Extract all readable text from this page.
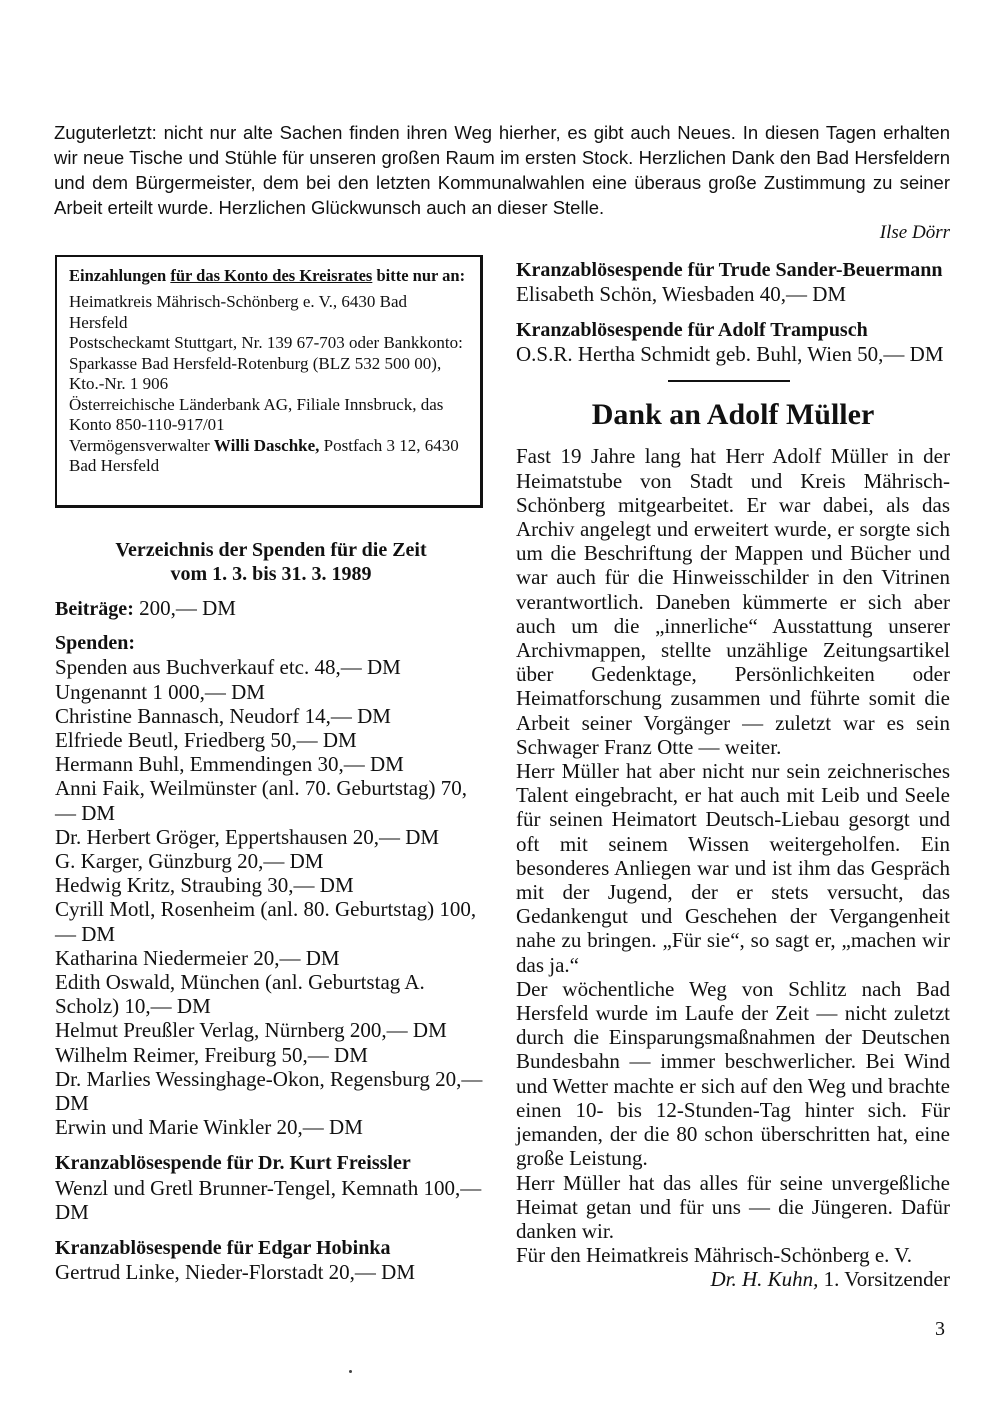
Zuguterletzt: nicht nur alte Sachen finden ihren Weg hierher, es gibt auch Neues. In diesen Tagen erhalten wir neue Tische und Stühle für unseren großen Raum im ersten Stock. Herzlichen Dank den Bad Hersfeldern und dem Bürgermeister, dem bei den letzten Kommunalwahlen eine überaus große Zustimmung zu seiner Arbeit erteilt wurde. Herzlichen Glückwunsch auch an dieser Stelle.

Ilse Dörr
Einzahlungen für das Konto des Kreisrates bitte nur an:

Heimatkreis Mährisch-Schönberg e. V., 6430 Bad Hersfeld

Postscheckamt Stuttgart, Nr. 139 67-703 oder Bankkonto: Sparkasse Bad Hersfeld-Rotenburg (BLZ 532 500 00), Kto.-Nr. 1 906

Österreichische Länderbank AG, Filiale Innsbruck, das Konto 850-110-917/01

Vermögensverwalter Willi Daschke, Postfach 3 12, 6430 Bad Hersfeld

Verzeichnis der Spenden für die Zeit

vom 1. 3. bis 31. 3. 1989

Beiträge: 200,— DM
Spenden:

Spenden aus Buchverkauf etc. 48,— DM

Ungenannt 1 000,— DM

Christine Bannasch, Neudorf 14,— DM

Elfriede Beutl, Friedberg 50,— DM

Hermann Buhl, Emmendingen 30,— DM

Anni Faik, Weilmünster (anl. 70. Geburtstag) 70,— DM

Dr. Herbert Gröger, Eppertshausen 20,— DM

G. Karger, Günzburg 20,— DM

Hedwig Kritz, Straubing 30,— DM

Cyrill Motl, Rosenheim (anl. 80. Geburtstag) 100,— DM

Katharina Niedermeier 20,— DM

Edith Oswald, München (anl. Geburtstag A. Scholz) 10,— DM

Helmut Preußler Verlag, Nürnberg 200,— DM

Wilhelm Reimer, Freiburg 50,— DM

Dr. Marlies Wessinghage-Okon, Regensburg 20,— DM

Erwin und Marie Winkler 20,— DM

Kranzablösespende für Dr. Kurt Freissler

Wenzl und Gretl Brunner-Tengel, Kemnath 100,— DM

Kranzablösespende für Edgar Hobinka

Gertrud Linke, Nieder-Florstadt 20,— DM

Kranzablösespende für Trude Sander-Beuermann

Elisabeth Schön, Wiesbaden 40,— DM

Kranzablösespende für Adolf Trampusch

O.S.R. Hertha Schmidt geb. Buhl, Wien 50,— DM

Dank an Adolf Müller

Fast 19 Jahre lang hat Herr Adolf Müller in der Heimatstube von Stadt und Kreis Mährisch-Schönberg mitgearbeitet. Er war dabei, als das Archiv angelegt und erweitert wurde, er sorgte sich um die Beschriftung der Mappen und Bücher und war auch für die Hinweisschilder in den Vitrinen verantwortlich. Daneben kümmerte er sich aber auch um die „innerliche“ Ausstattung unserer Archivmappen, stellte unzählige Zeitungsartikel über Gedenktage, Persönlichkeiten oder Heimatforschung zusammen und führte somit die Arbeit seiner Vorgänger — zuletzt war es sein Schwager Franz Otte — weiter.

Herr Müller hat aber nicht nur sein zeichnerisches Talent eingebracht, er hat auch mit Leib und Seele für seinen Heimatort Deutsch-Liebau gesorgt und oft mit seinem Wissen weitergeholfen. Ein besonderes Anliegen war und ist ihm das Gespräch mit der Jugend, der er stets versucht, das Gedankengut und Geschehen der Vergangenheit nahe zu bringen. „Für sie“, so sagt er, „machen wir das ja.“

Der wöchentliche Weg von Schlitz nach Bad Hersfeld wurde im Laufe der Zeit — nicht zuletzt durch die Einsparungsmaßnahmen der Deutschen Bundesbahn — immer beschwerlicher. Bei Wind und Wetter machte er sich auf den Weg und brachte einen 10- bis 12-Stunden-Tag hinter sich. Für jemanden, der die 80 schon überschritten hat, eine große Leistung.

Herr Müller hat das alles für seine unvergeßliche Heimat getan und für uns — die Jüngeren. Dafür danken wir.

Für den Heimatkreis Mährisch-Schönberg e. V.

Dr. H. Kuhn, 1. Vorsitzender

3
